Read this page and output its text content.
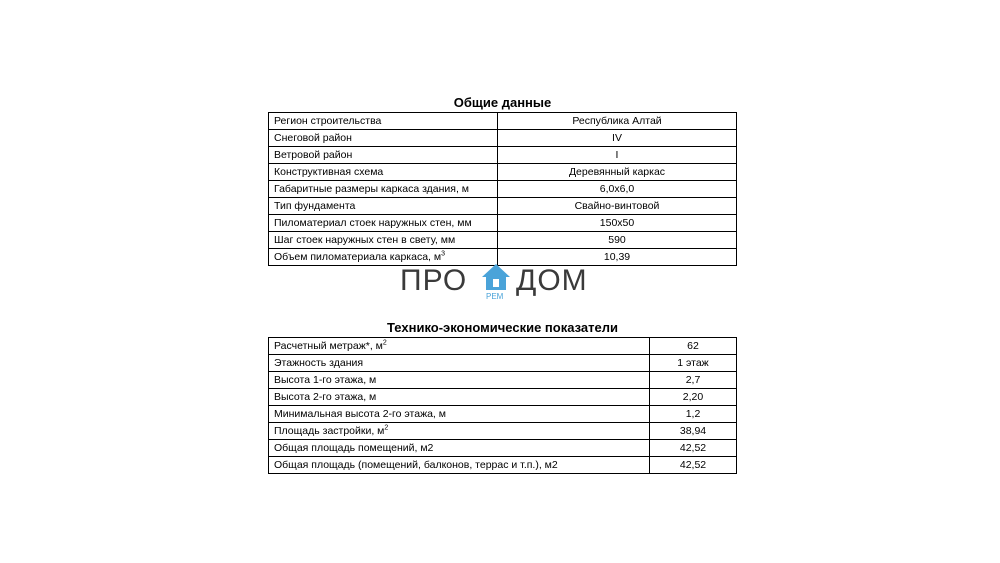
Общие данные
Регион строительства	Республика Алтай
Снеговой район	IV
Ветровой район	I
Конструктивная схема	Деревянный каркас
Габаритные размеры каркаса здания, м	6,0х6,0
Тип фундамента	Свайно-винтовой
Пиломатериал стоек наружных стен, мм	150х50
Шаг стоек наружных стен в свету, мм	590
Объем пиломатериала каркаса, $м^3$	10,39
ПРО РЕМ ДОМ
Технико-экономические показатели
Расчетный метраж*, $м^2$	62
Этажность здания	1 этаж
Высота 1-го этажа, м	2,7
Высота 2-го этажа, м	2,20
Минимальная высота 2-го этажа, м	1,2
Площадь застройки, $м^2$	38,94
Общая площадь помещений, м2	42,52
Общая площадь (помещений, балконов, террас и т.п.), м2	42,52
